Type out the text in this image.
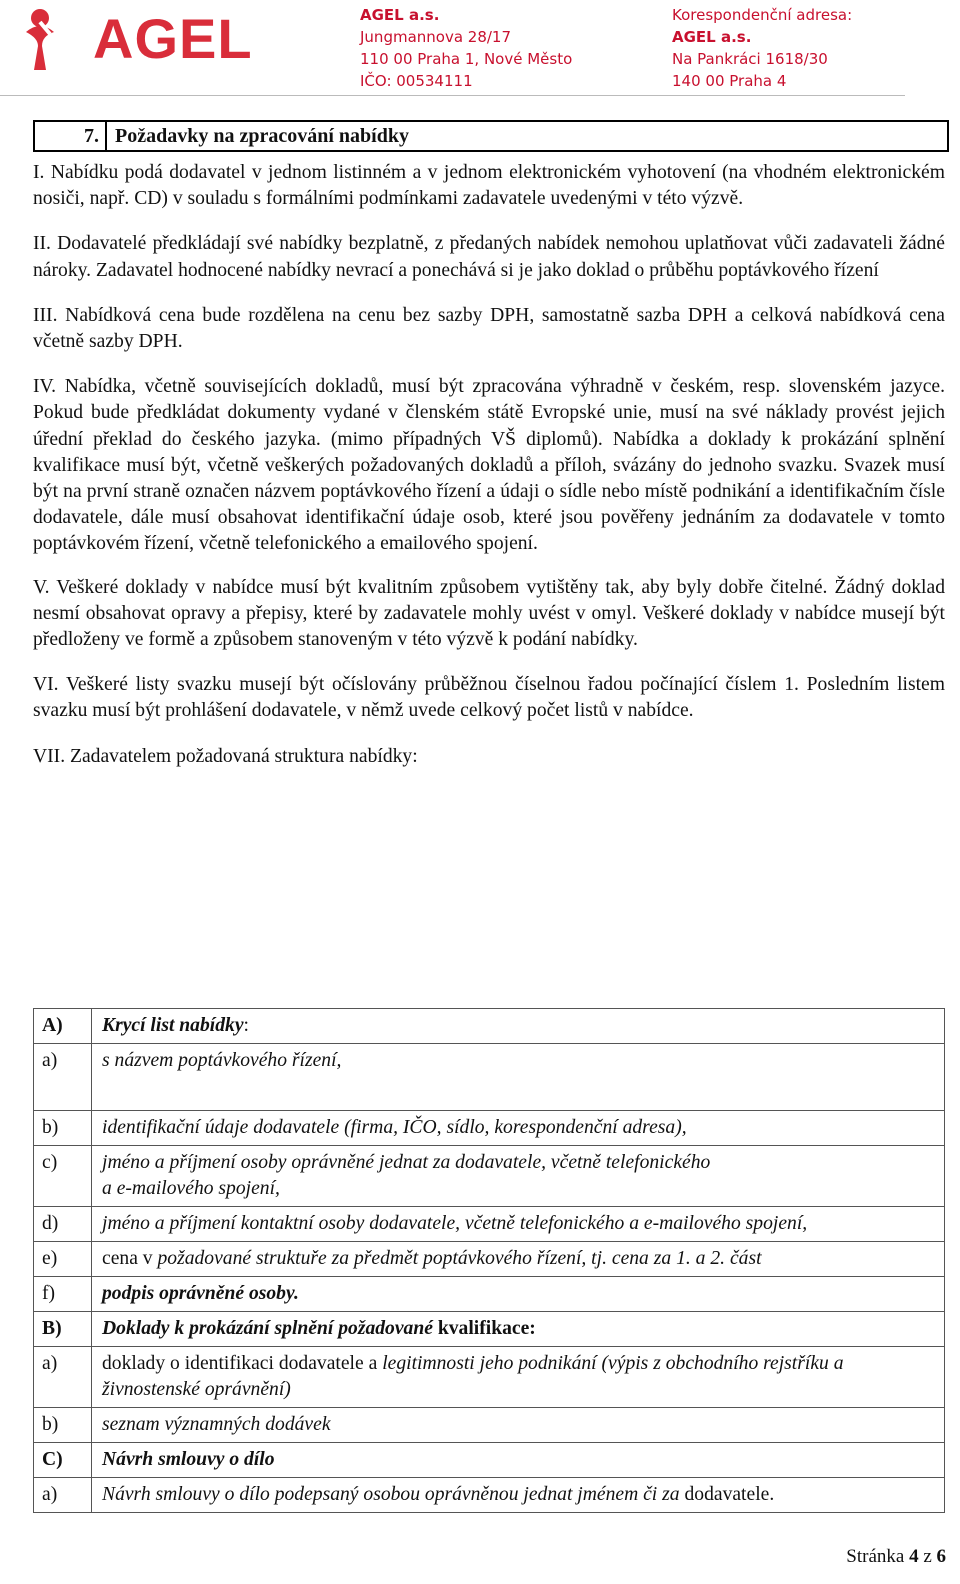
AGEL	AGEL a.s.
Jungmannova 28/17
110 00 Praha 1, Nové Město
IČO: 00534111
Korespondenční adresa:
AGEL a.s.
Na Pankráci 1618/30
140 00 Praha 4
7. Požadavky na zpracování nabídky

I. Nabídku podá dodavatel v jednom listinném a v jednom elektronickém vyhotovení (na vhodném elektronickém nosiči, např. CD) v souladu s formálními podmínkami zadavatele uvedenými v této výzvě.

II. Dodavatelé předkládají své nabídky bezplatně, z předaných nabídek nemohou uplatňovat vůči zadavateli žádné nároky. Zadavatel hodnocené nabídky nevrací a ponechává si je jako doklad o průběhu poptávkového řízení

III. Nabídková cena bude rozdělena na cenu bez sazby DPH, samostatně sazba DPH a celková nabídková cena včetně sazby DPH.

IV. Nabídka, včetně souvisejících dokladů, musí být zpracována výhradně v českém, resp. slovenském jazyce. Pokud bude předkládat dokumenty vydané v členském státě Evropské unie, musí na své náklady provést jejich úřední překlad do českého jazyka. (mimo případných VŠ diplomů). Nabídka a doklady k prokázání splnění kvalifikace musí být, včetně veškerých požadovaných dokladů a příloh, svázány do jednoho svazku. Svazek musí být na první straně označen názvem poptávkového řízení a údaji o sídle nebo místě podnikání a identifikačním čísle dodavatele, dále musí obsahovat identifikační údaje osob, které jsou pověřeny jednáním za dodavatele v tomto poptávkovém řízení, včetně telefonického a emailového spojení.

V. Veškeré doklady v nabídce musí být kvalitním způsobem vytištěny tak, aby byly dobře čitelné. Žádný doklad nesmí obsahovat opravy a přepisy, které by zadavatele mohly uvést v omyl. Veškeré doklady v nabídce musejí být předloženy ve formě a způsobem stanoveným v této výzvě k podání nabídky.

VI. Veškeré listy svazku musejí být očíslovány průběžnou číselnou řadou počínající číslem 1. Posledním listem svazku musí být prohlášení dodavatele, v němž uvede celkový počet listů v nabídce.

VII. Zadavatelem požadovaná struktura nabídky:

A)	Krycí list nabídky:
a)	s názvem poptávkového řízení,
b)	identifikační údaje dodavatele (firma, IČO, sídlo, korespondenční adresa),
c)	jméno a příjmení osoby oprávněné jednat za dodavatele, včetně telefonického
a e-mailového spojení,

d)	jméno a příjmení kontaktní osoby dodavatele, včetně telefonického a e-mailového spojení,
e)	cena v požadované struktuře za předmět poptávkového řízení, tj. cena za 1. a 2. část
f)	podpis oprávněné osoby.
B)	Doklady k prokázání splnění požadované kvalifikace:
a)	doklady o identifikaci dodavatele a legitimnosti jeho podnikání (výpis z obchodního rejstříku a živnostenské oprávnění)
b)	seznam významných dodávek
C)	Návrh smlouvy o dílo
a)	Návrh smlouvy o dílo podepsaný osobou oprávněnou jednat jménem či za dodavatele.
Stránka 4 z 6
